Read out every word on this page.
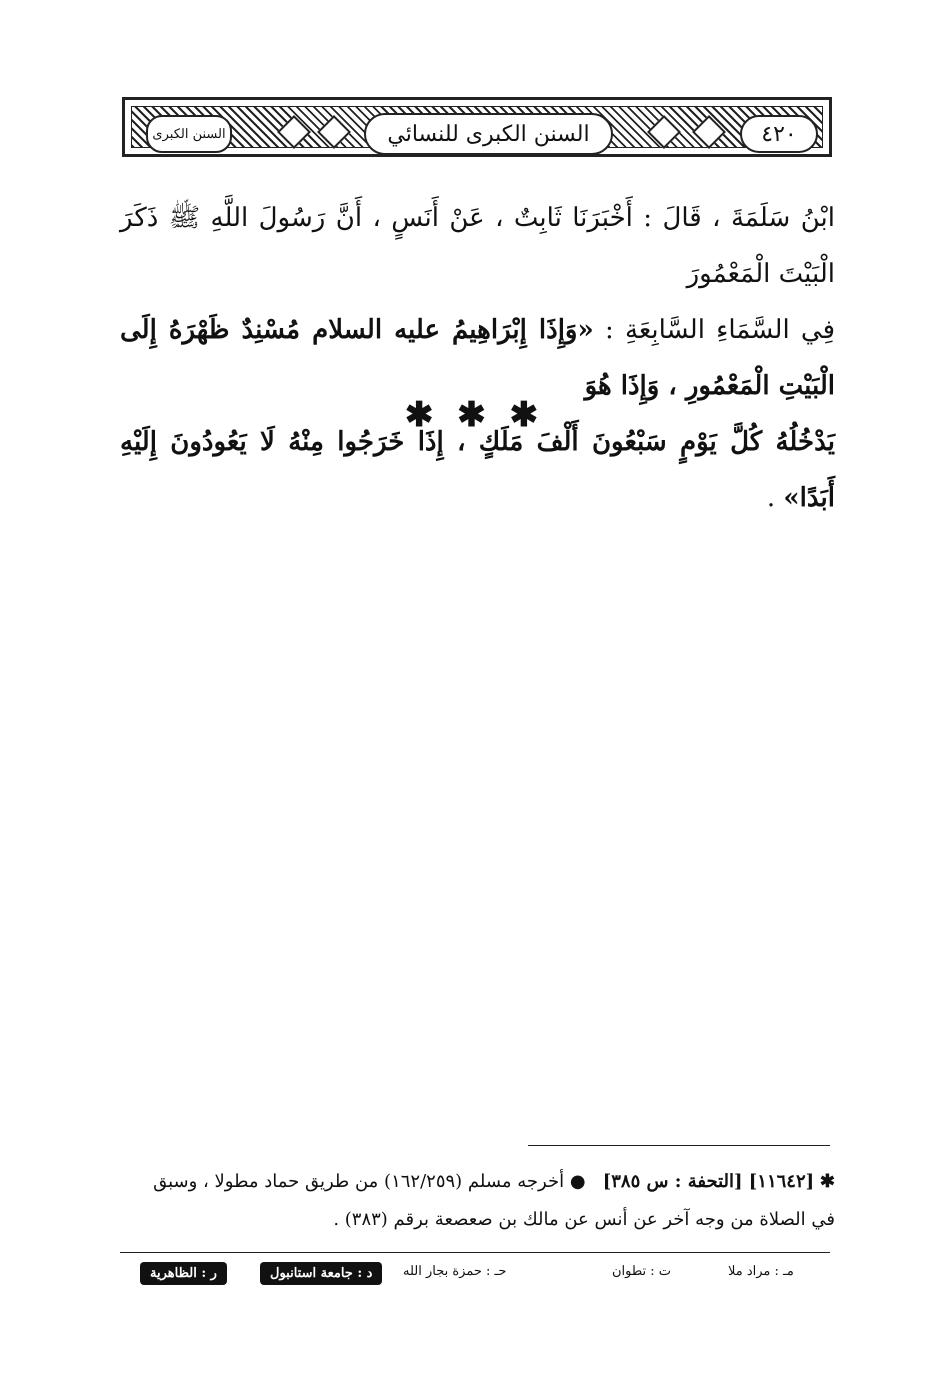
السنن الكبرى	السنن الكبرى للنسائي	٤٢٠
ابْنُ سَلَمَةَ ، قَالَ : أَخْبَرَنَا ثَابِتٌ ، عَنْ أَنَسٍ ، أَنَّ رَسُولَ اللَّهِ ﷺ ذَكَرَ الْبَيْتَ الْمَعْمُورَ
فِي السَّمَاءِ السَّابِعَةِ : «وَإِذَا إِبْرَاهِيمُ عليه السلام مُسْنِدٌ ظَهْرَهُ إِلَى الْبَيْتِ الْمَعْمُورِ ، وَإِذَا هُوَ
يَدْخُلُهُ كُلَّ يَوْمٍ سَبْعُونَ أَلْفَ مَلَكٍ ، إِذَا خَرَجُوا مِنْهُ لَا يَعُودُونَ إِلَيْهِ أَبَدًا» .
✱ ✱ ✱
✱ [١١٦٤٢] [التحفة : س ٣٨٥]   ● أخرجه مسلم (١٦٢/٢٥٩) من طريق حماد مطولا ، وسبق
في الصلاة من وجه آخر عن أنس عن مالك بن صعصعة برقم (٣٨٣) .
مـ : مراد ملا
ت : تطوان
حـ : حمزة بجار الله
د : جامعة استانبول
ر : الظاهرية
